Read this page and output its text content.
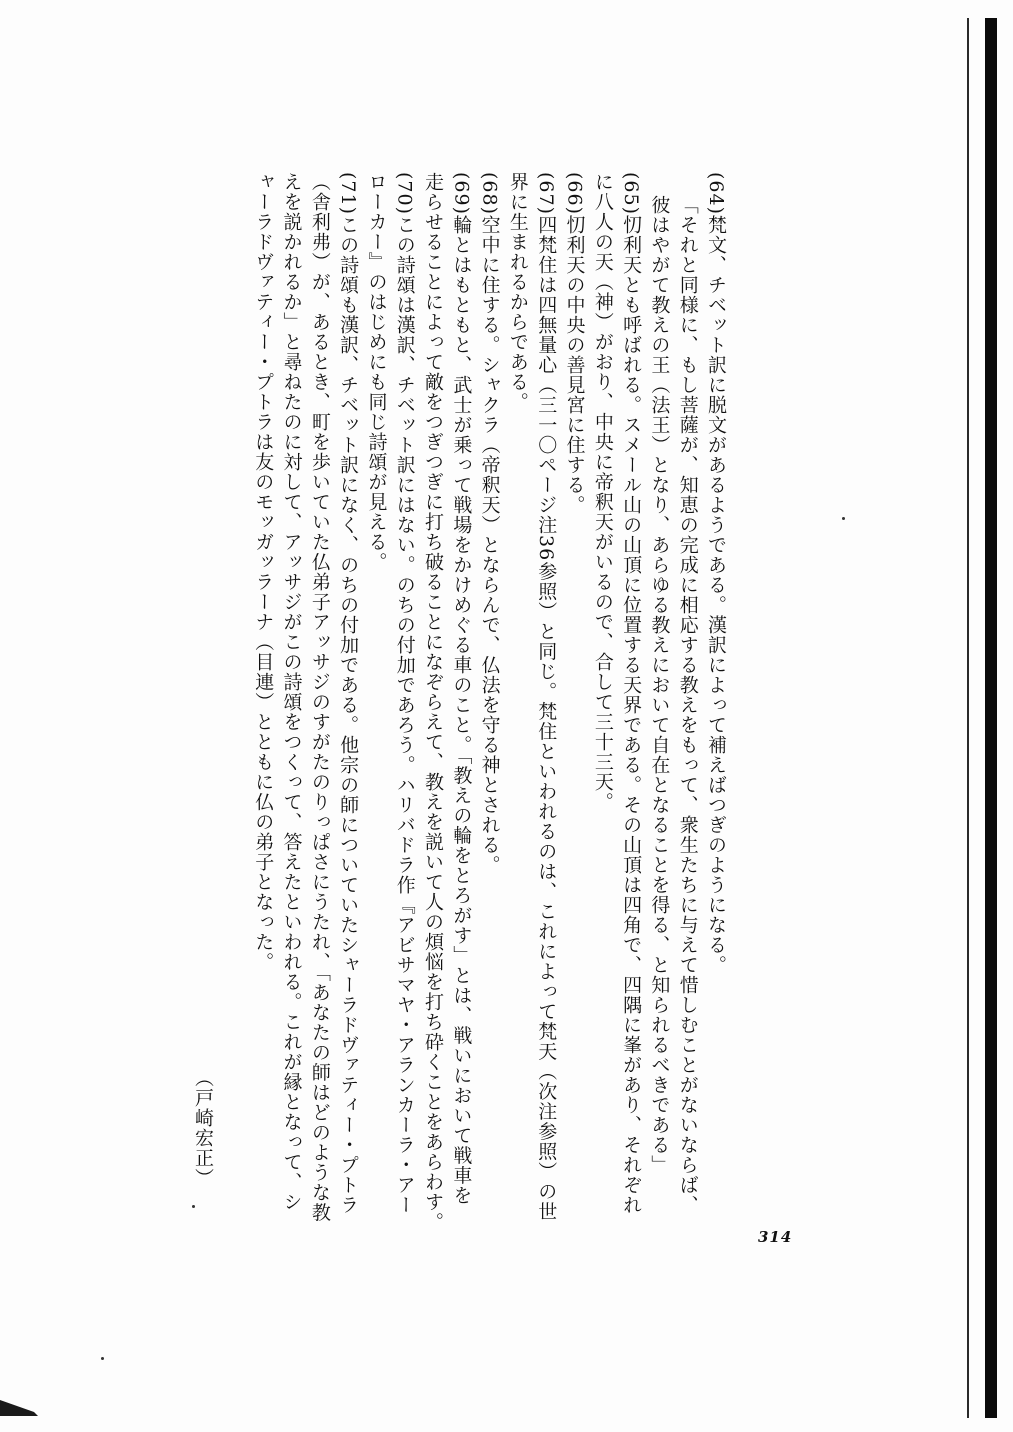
(64)梵文、チベット訳に脱文があるようである。漢訳によって補えばつぎのようになる。

「それと同様に、もし菩薩が、知恵の完成に相応する教えをもって、衆生たちに与えて惜しむことがないならば、

彼はやがて教えの王（法王）となり、あらゆる教えにおいて自在となることを得る、と知られるべきである」

(65)忉利天とも呼ばれる。スメール山の山頂に位置する天界である。その山頂は四角で、四隅に峯があり、それぞれ

に八人の天（神）がおり、中央に帝釈天がいるので、合して三十三天。

(66)忉利天の中央の善見宮に住する。

(67)四梵住は四無量心（三一〇ページ注36参照）と同じ。梵住といわれるのは、これによって梵天（次注参照）の世

界に生まれるからである。

(68)空中に住する。シャクラ（帝釈天）とならんで、仏法を守る神とされる。

(69)輪とはもともと、武士が乗って戦場をかけめぐる車のこと。「教えの輪をとろがす」とは、戦いにおいて戦車を

走らせることによって敵をつぎつぎに打ち破ることになぞらえて、教えを説いて人の煩悩を打ち砕くことをあらわす。

(70)この詩頌は漢訳、チベット訳にはない。のちの付加であろう。ハリバドラ作『アビサマヤ・アランカーラ・アー

ローカー』のはじめにも同じ詩頌が見える。

(71)この詩頌も漢訳、チベット訳になく、のちの付加である。他宗の師についていたシャーラドヴァティー・プトラ

（舎利弗）が、あるとき、町を歩いていた仏弟子アッサジのすがたのりっぱさにうたれ、「あなたの師はどのような教

えを説かれるか」と尋ねたのに対して、アッサジがこの詩頌をつくって、答えたといわれる。これが縁となって、シ

ャーラドヴァティー・プトラは友のモッガッラーナ（目連）とともに仏の弟子となった。

（戸崎宏正）
314
